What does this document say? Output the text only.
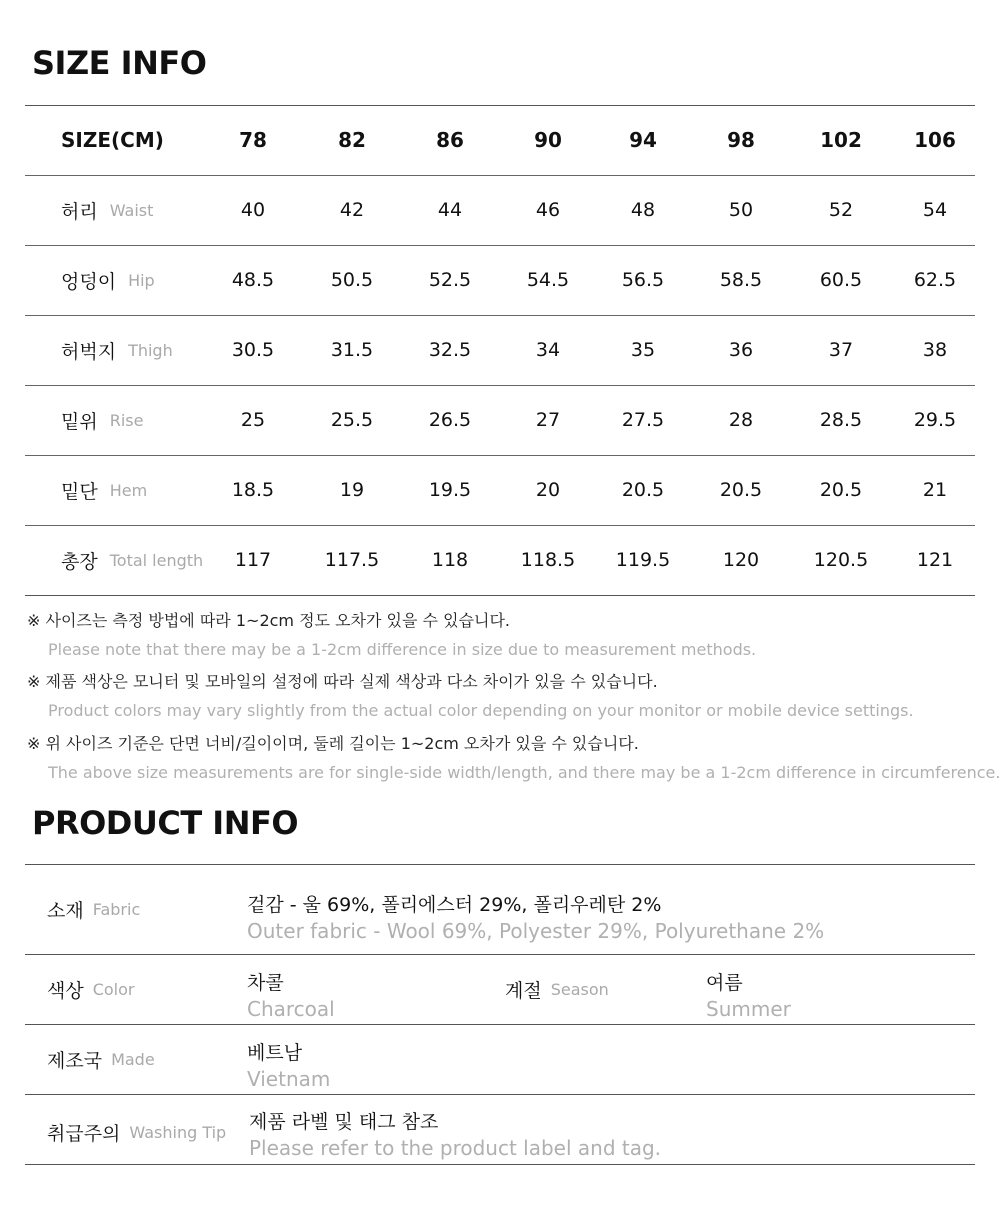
SIZE INFO
SIZE(CM)	78	82	86	90	94	98	102	106
허리 Waist	40	42	44	46	48	50	52	54
엉덩이 Hip	48.5	50.5	52.5	54.5	56.5	58.5	60.5	62.5
허벅지 Thigh	30.5	31.5	32.5	34	35	36	37	38
밑위 Rise	25	25.5	26.5	27	27.5	28	28.5	29.5
밑단 Hem	18.5	19	19.5	20	20.5	20.5	20.5	21
총장 Total length	117	117.5	118	118.5	119.5	120	120.5	121
※ 사이즈는 측정 방법에 따라 1~2cm 정도 오차가 있을 수 있습니다.
Please note that there may be a 1-2cm difference in size due to measurement methods.
※ 제품 색상은 모니터 및 모바일의 설정에 따라 실제 색상과 다소 차이가 있을 수 있습니다.
Product colors may vary slightly from the actual color depending on your monitor or mobile device settings.
※ 위 사이즈 기준은 단면 너비/길이이며, 둘레 길이는 1~2cm 오차가 있을 수 있습니다.
The above size measurements are for single-side width/length, and there may be a 1-2cm difference in circumference.
PRODUCT INFO
소재 Fabric	겉감 - 울 69%, 폴리에스터 29%, 폴리우레탄 2%
Outer fabric - Wool 69%, Polyester 29%, Polyurethane 2%
색상 Color	차콜
Charcoal
계절 Season	여름
Summer
제조국 Made	베트남
Vietnam
취급주의 Washing Tip 제품 라벨 및 태그 참조
Please refer to the product label and tag.
